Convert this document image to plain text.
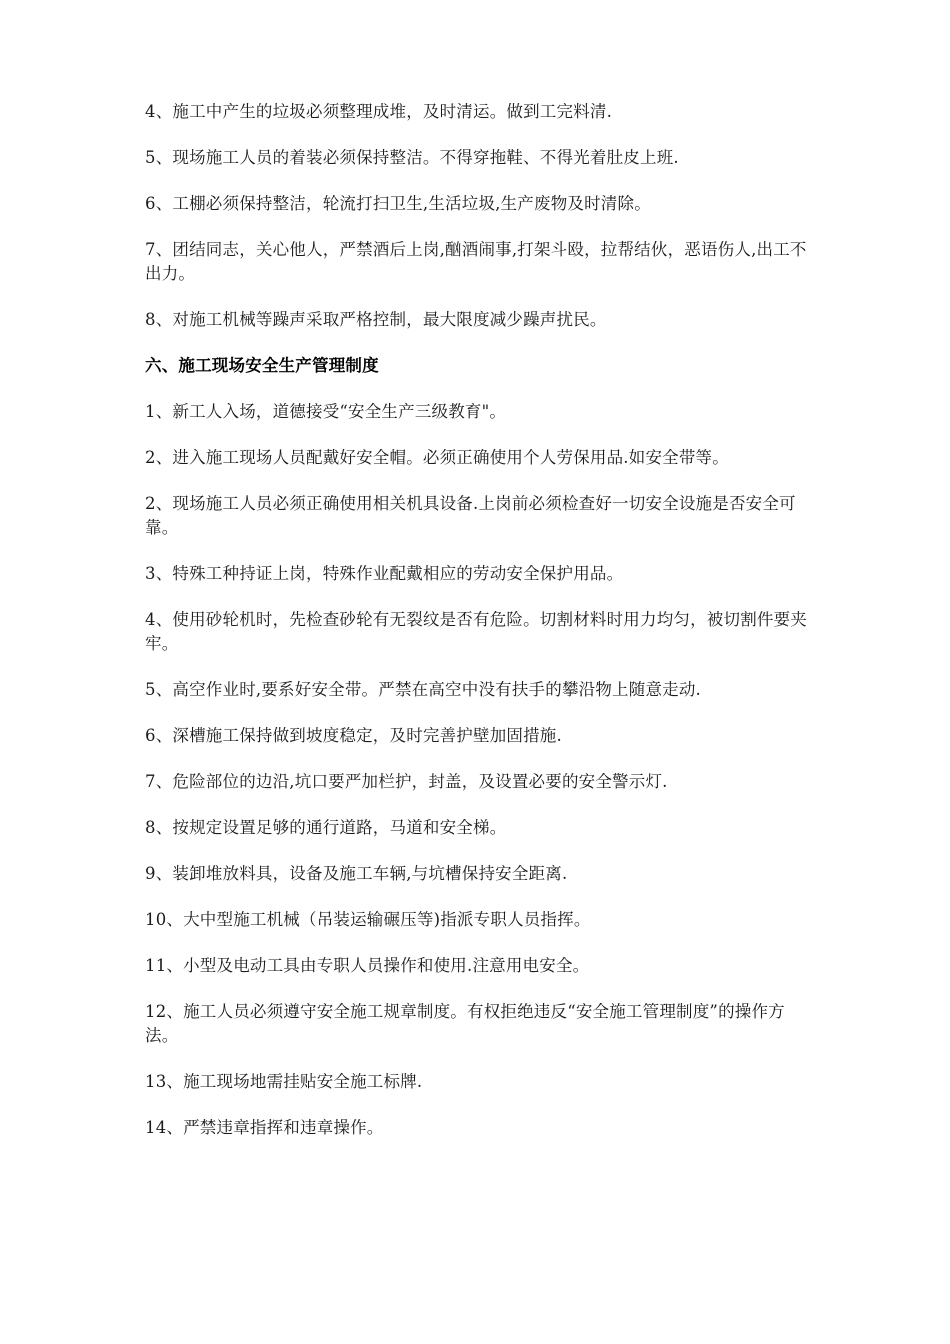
4、施工中产生的垃圾必须整理成堆，及时清运。做到工完料清.

5、现场施工人员的着装必须保持整洁。不得穿拖鞋、不得光着肚皮上班.

6、工棚必须保持整洁，轮流打扫卫生,生活垃圾,生产废物及时清除。

7、团结同志，关心他人，严禁酒后上岗,酗酒闹事,打架斗殴，拉帮结伙，恶语伤人,出工不出力。

8、对施工机械等躁声采取严格控制，最大限度减少躁声扰民。

六、施工现场安全生产管理制度

1、新工人入场，道德接受“安全生产三级教育"。

2、进入施工现场人员配戴好安全帽。必须正确使用个人劳保用品.如安全带等。

2、现场施工人员必须正确使用相关机具设备.上岗前必须检查好一切安全设施是否安全可靠。

3、特殊工种持证上岗，特殊作业配戴相应的劳动安全保护用品。

4、使用砂轮机时，先检查砂轮有无裂纹是否有危险。切割材料时用力均匀，被切割件要夹牢。

5、高空作业时,要系好安全带。严禁在高空中没有扶手的攀沿物上随意走动.

6、深槽施工保持做到坡度稳定，及时完善护壁加固措施.

7、危险部位的边沿,坑口要严加栏护，封盖，及设置必要的安全警示灯.

8、按规定设置足够的通行道路，马道和安全梯。

9、装卸堆放料具，设备及施工车辆,与坑槽保持安全距离.

10、大中型施工机械（吊装运输碾压等)指派专职人员指挥。

11、小型及电动工具由专职人员操作和使用.注意用电安全。

12、施工人员必须遵守安全施工规章制度。有权拒绝违反“安全施工管理制度”的操作方法。

13、施工现场地需挂贴安全施工标牌.

14、严禁违章指挥和违章操作。
